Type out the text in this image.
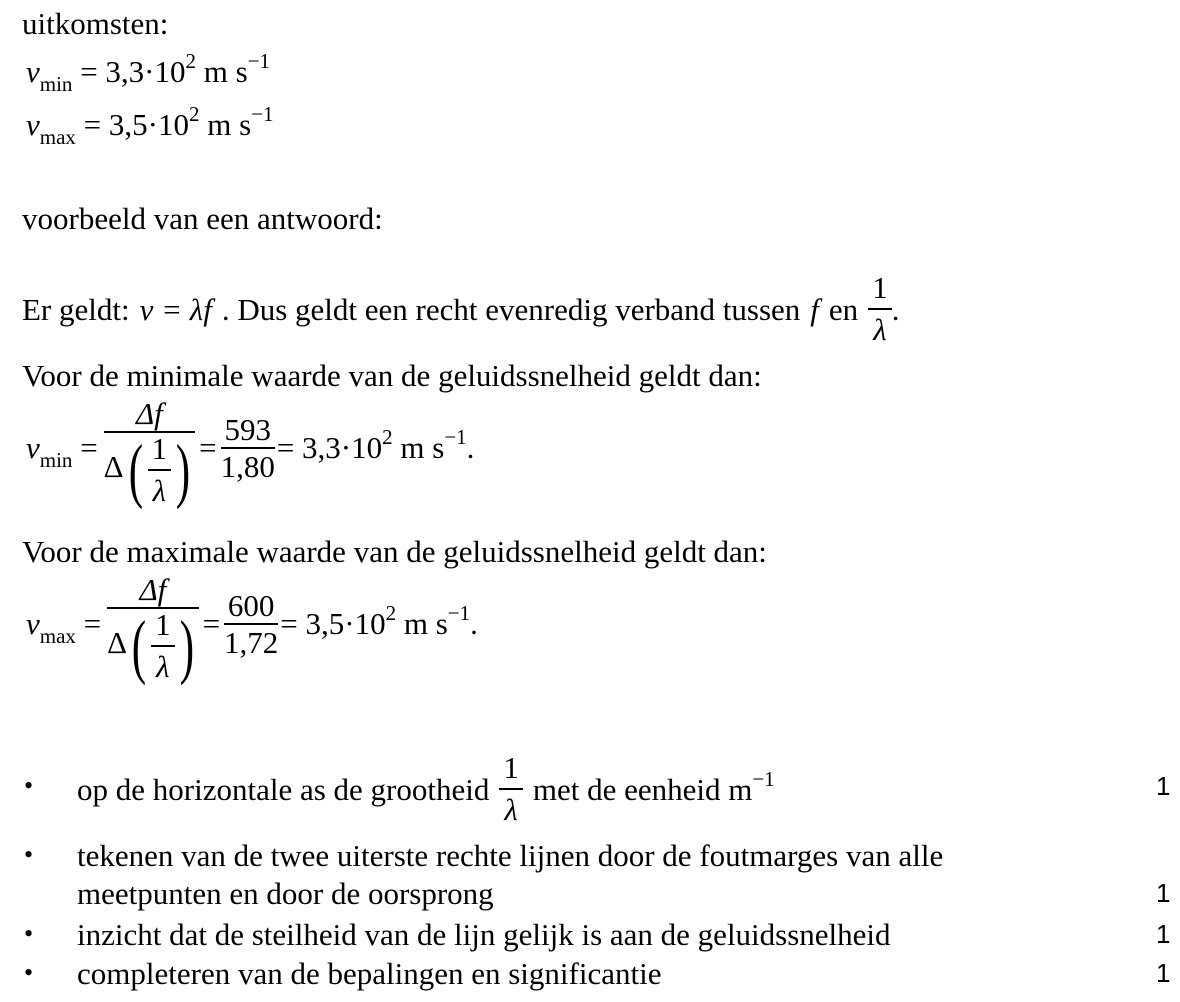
uitkomsten:
$v_{min} = 3,3\cdot 10^2$ m $s^{-1}$
$v_{max} = 3,5\cdot 10^2$ m $s^{-1}$
voorbeeld van een antwoord:
Er geldt: v = λf . Dus geldt een recht evenredig verband tussen f en $\frac{1}{\lambda}$ .
Voor de minimale waarde van de geluidssnelheid geldt dan:
$v_{min} = \frac{\Delta f}{\Delta( \frac{1}{\lambda} )} = \frac{593}{1,80} = 3,3\cdot 10^2$ m $s^{-1}$.
Voor de maximale waarde van de geluidssnelheid geldt dan:
$v_{max} = \frac{\Delta f}{\Delta( \frac{1}{\lambda} )} = \frac{600}{1,72} = 3,5\cdot 10^2$ m $s^{-1}$.
• op de horizontale as de grootheid $\frac{1}{\lambda}$ met de eenheid m −1	1
• tekenen van de twee uiterste rechte lijnen door de foutmarges van alle
meetpunten en door de oorsprong	1
• inzicht dat de steilheid van de lijn gelijk is aan de geluidssnelheid	1
• completeren van de bepalingen en significantie	1
